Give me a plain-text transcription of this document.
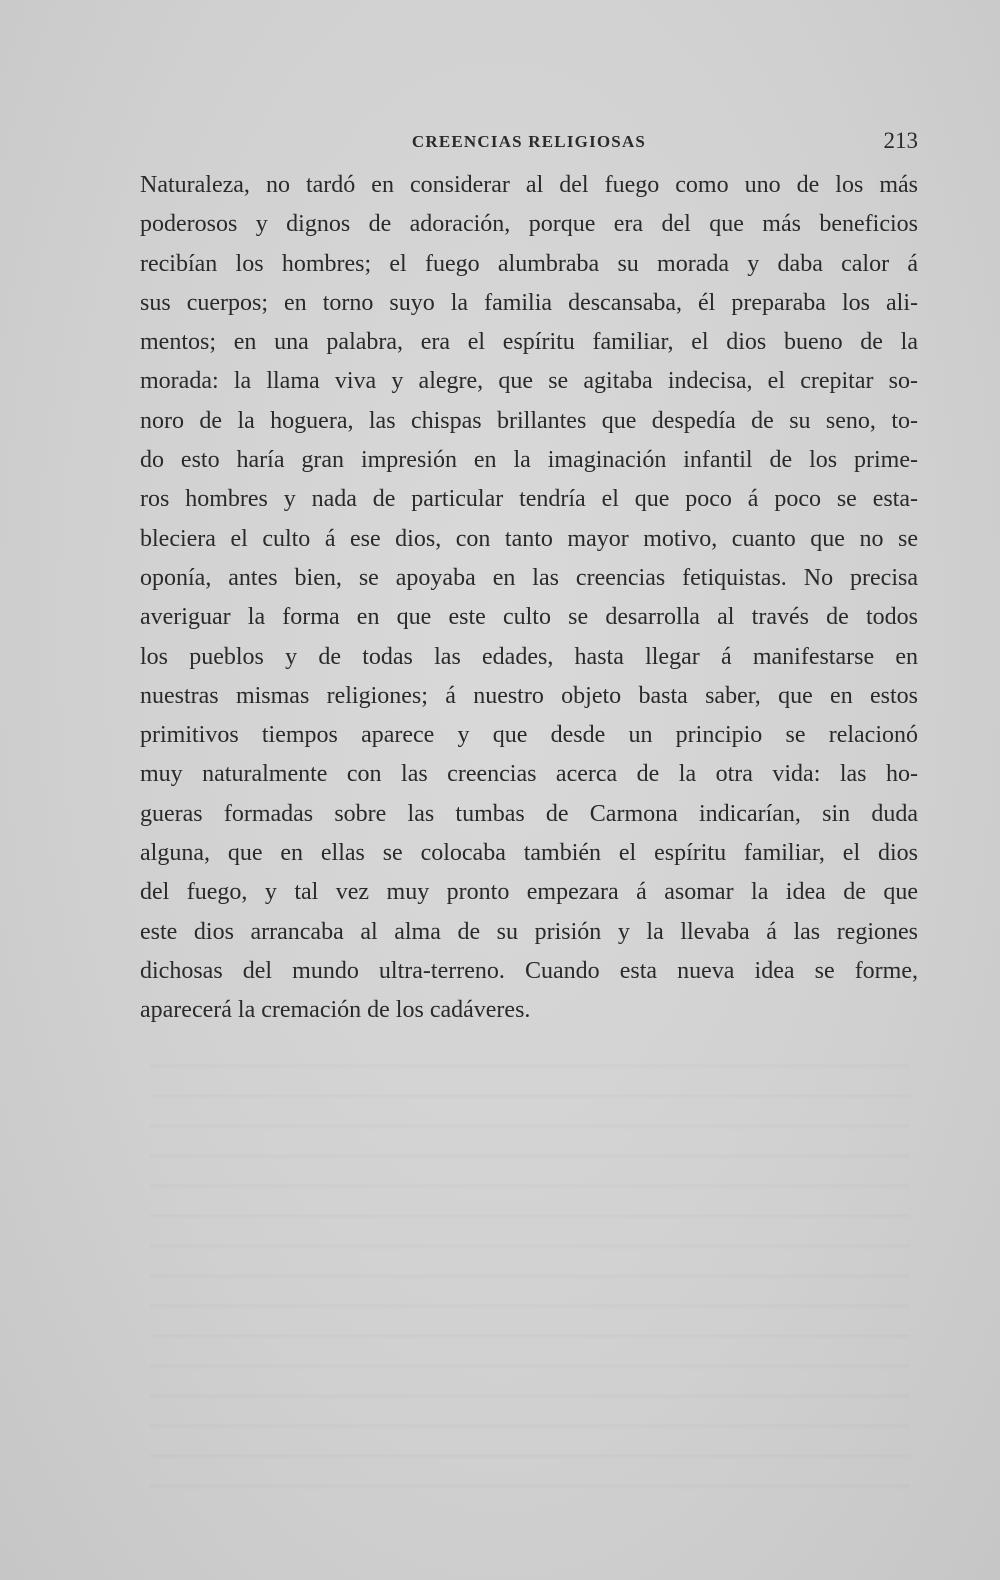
CREENCIAS RELIGIOSAS	213
Naturaleza, no tardó en considerar al del fuego como uno de los más
poderosos y dignos de adoración, porque era del que más beneficios
recibían los hombres; el fuego alumbraba su morada y daba calor á
sus cuerpos; en torno suyo la familia descansaba, él preparaba los ali-
mentos; en una palabra, era el espíritu familiar, el dios bueno de la
morada: la llama viva y alegre, que se agitaba indecisa, el crepitar so-
noro de la hoguera, las chispas brillantes que despedía de su seno, to-
do esto haría gran impresión en la imaginación infantil de los prime-
ros hombres y nada de particular tendría el que poco á poco se esta-
bleciera el culto á ese dios, con tanto mayor motivo, cuanto que no se
oponía, antes bien, se apoyaba en las creencias fetiquistas. No precisa
averiguar la forma en que este culto se desarrolla al través de todos
los pueblos y de todas las edades, hasta llegar á manifestarse en
nuestras mismas religiones; á nuestro objeto basta saber, que en estos
primitivos tiempos aparece y que desde un principio se relacionó
muy naturalmente con las creencias acerca de la otra vida: las ho-
gueras formadas sobre las tumbas de Carmona indicarían, sin duda
alguna, que en ellas se colocaba también el espíritu familiar, el dios
del fuego, y tal vez muy pronto empezara á asomar la idea de que
este dios arrancaba al alma de su prisión y la llevaba á las regiones
dichosas del mundo ultra-terreno. Cuando esta nueva idea se forme,
aparecerá la cremación de los cadáveres.
